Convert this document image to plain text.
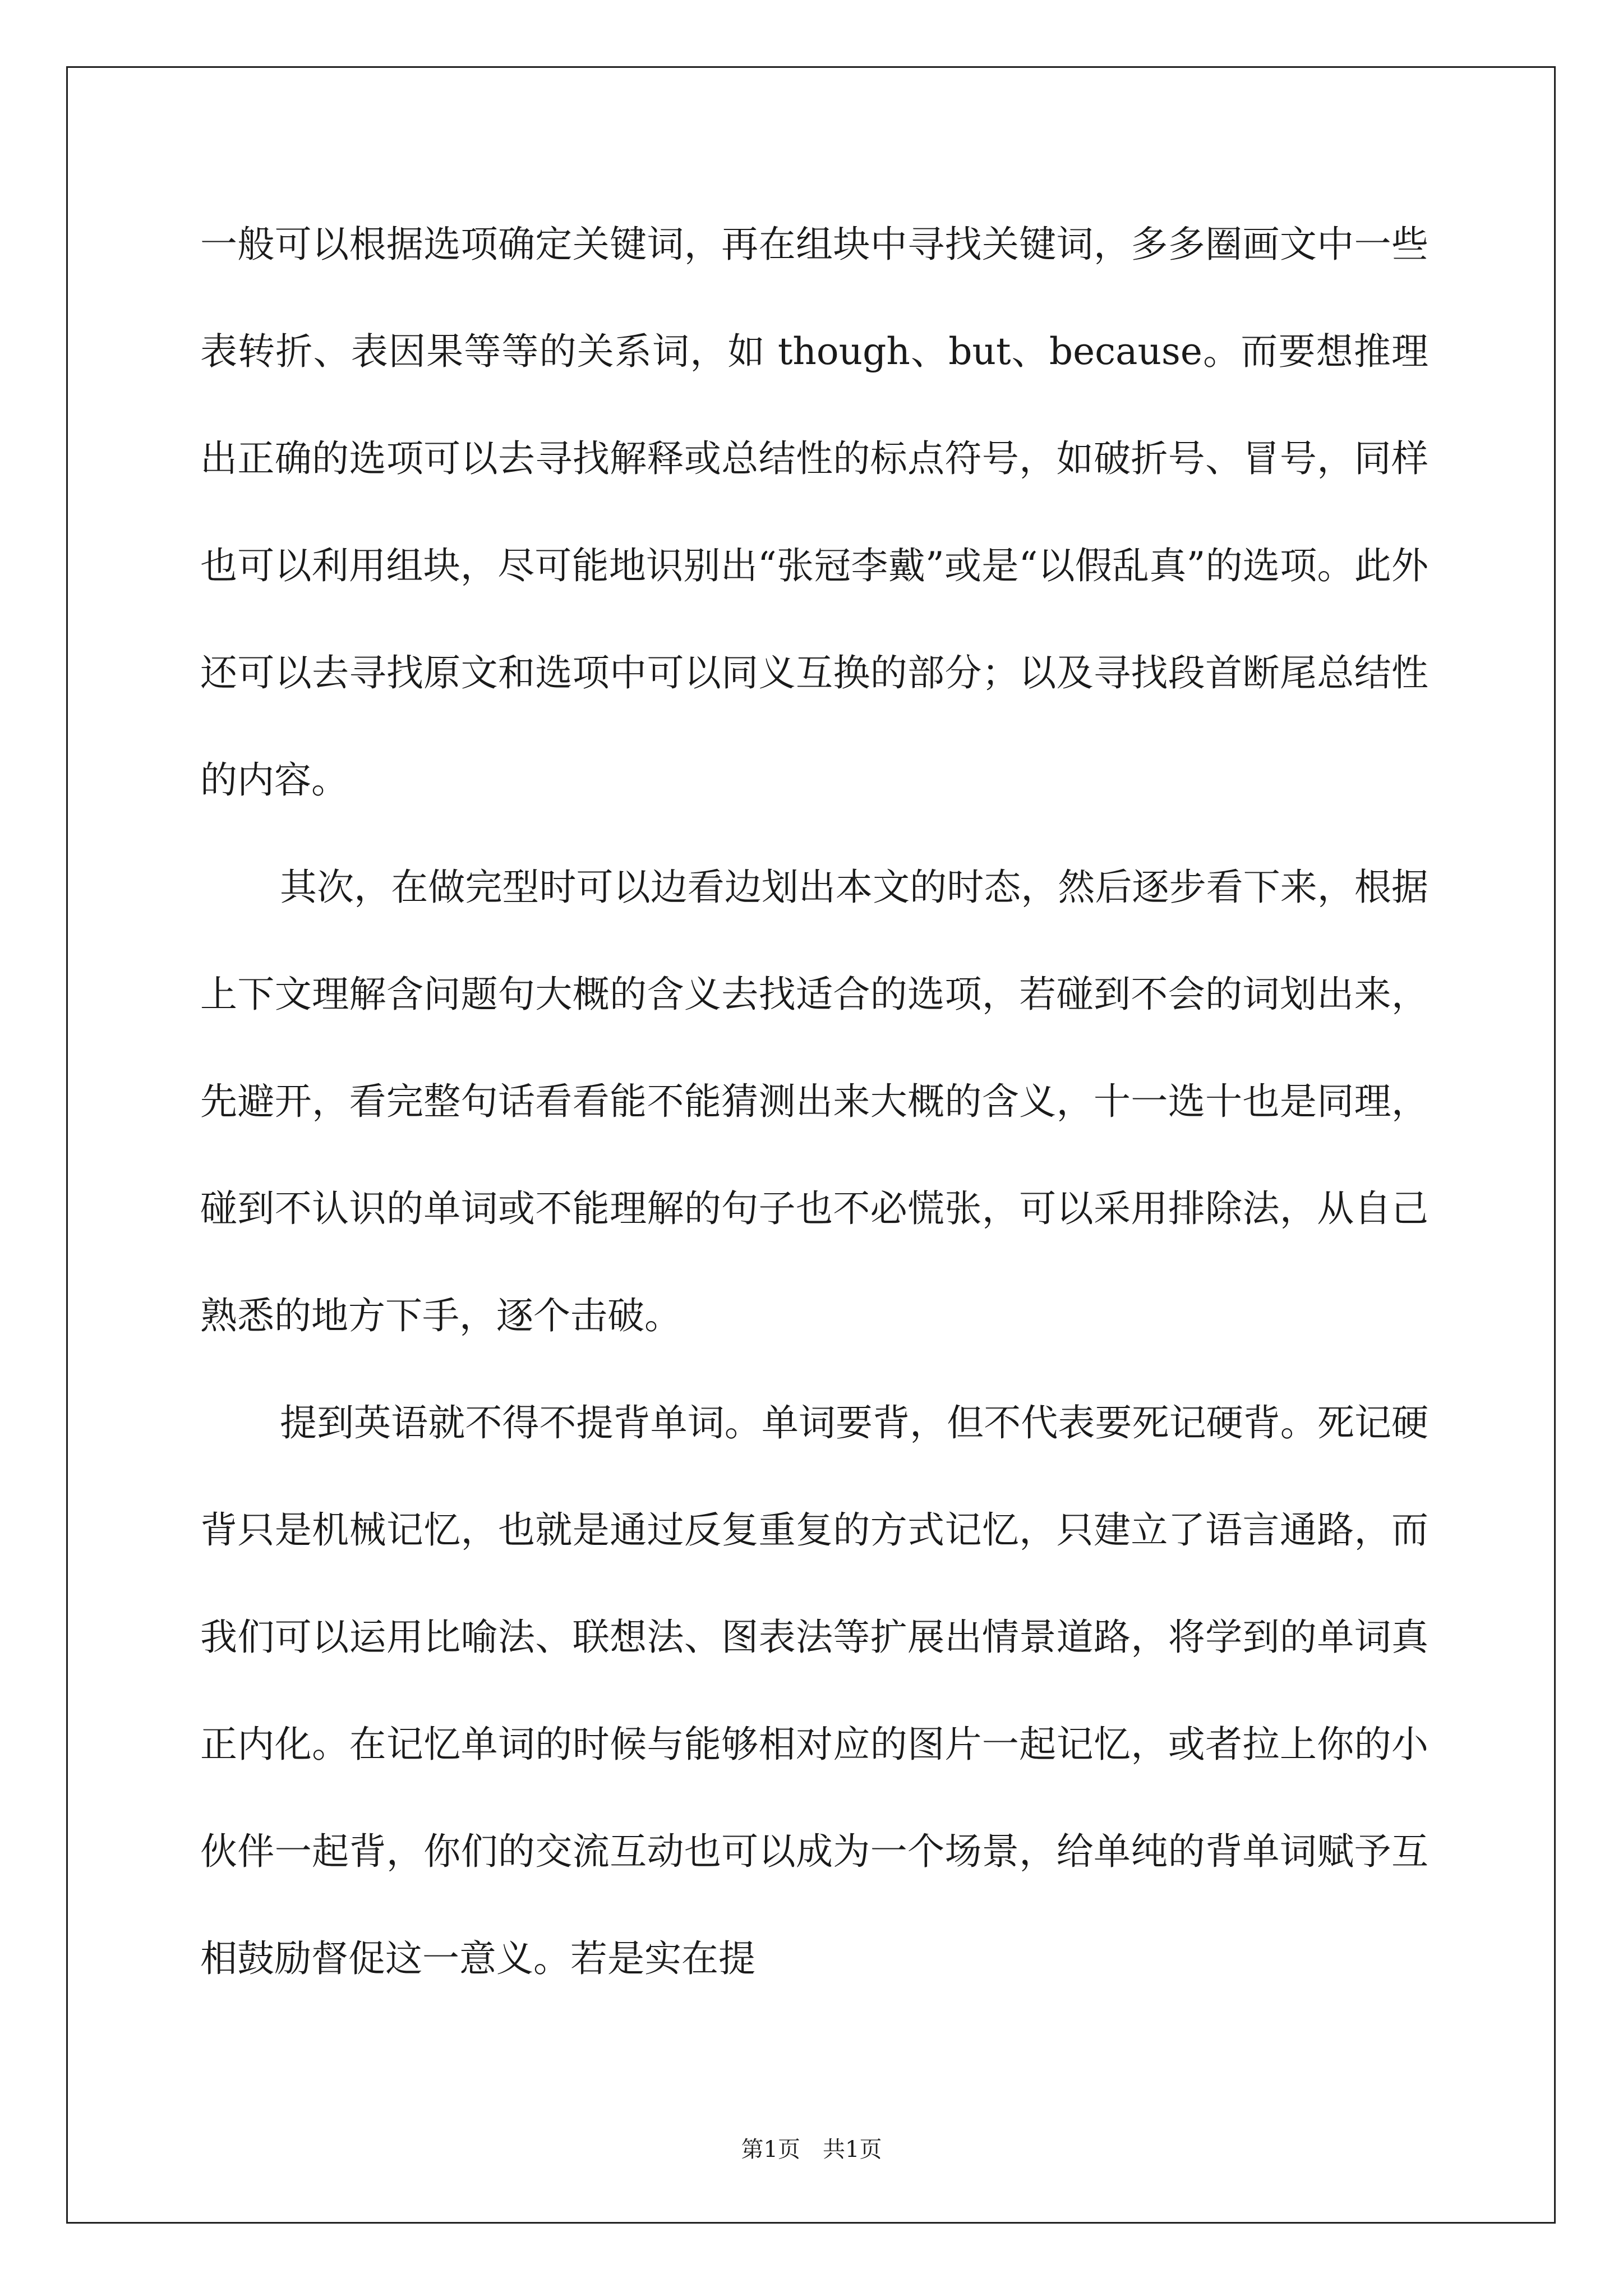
一般可以根据选项确定关键词，再在组块中寻找关键词，多多圈画文中一些表转折、表因果等等的关系词，如 though、but、because。而要想推理出正确的选项可以去寻找解释或总结性的标点符号，如破折号、冒号，同样也可以利用组块，尽可能地识别出“张冠李戴”或是“以假乱真”的选项。此外还可以去寻找原文和选项中可以同义互换的部分；以及寻找段首断尾总结性的内容。

其次，在做完型时可以边看边划出本文的时态，然后逐步看下来，根据上下文理解含问题句大概的含义去找适合的选项，若碰到不会的词划出来，先避开，看完整句话看看能不能猜测出来大概的含义，十一选十也是同理，碰到不认识的单词或不能理解的句子也不必慌张，可以采用排除法，从自己熟悉的地方下手，逐个击破。

提到英语就不得不提背单词。单词要背，但不代表要死记硬背。死记硬背只是机械记忆，也就是通过反复重复的方式记忆，只建立了语言通路，而我们可以运用比喻法、联想法、图表法等扩展出情景道路，将学到的单词真正内化。在记忆单词的时候与能够相对应的图片一起记忆，或者拉上你的小伙伴一起背，你们的交流互动也可以成为一个场景，给单纯的背单词赋予互相鼓励督促这一意义。若是实在提

第1页　共1页
